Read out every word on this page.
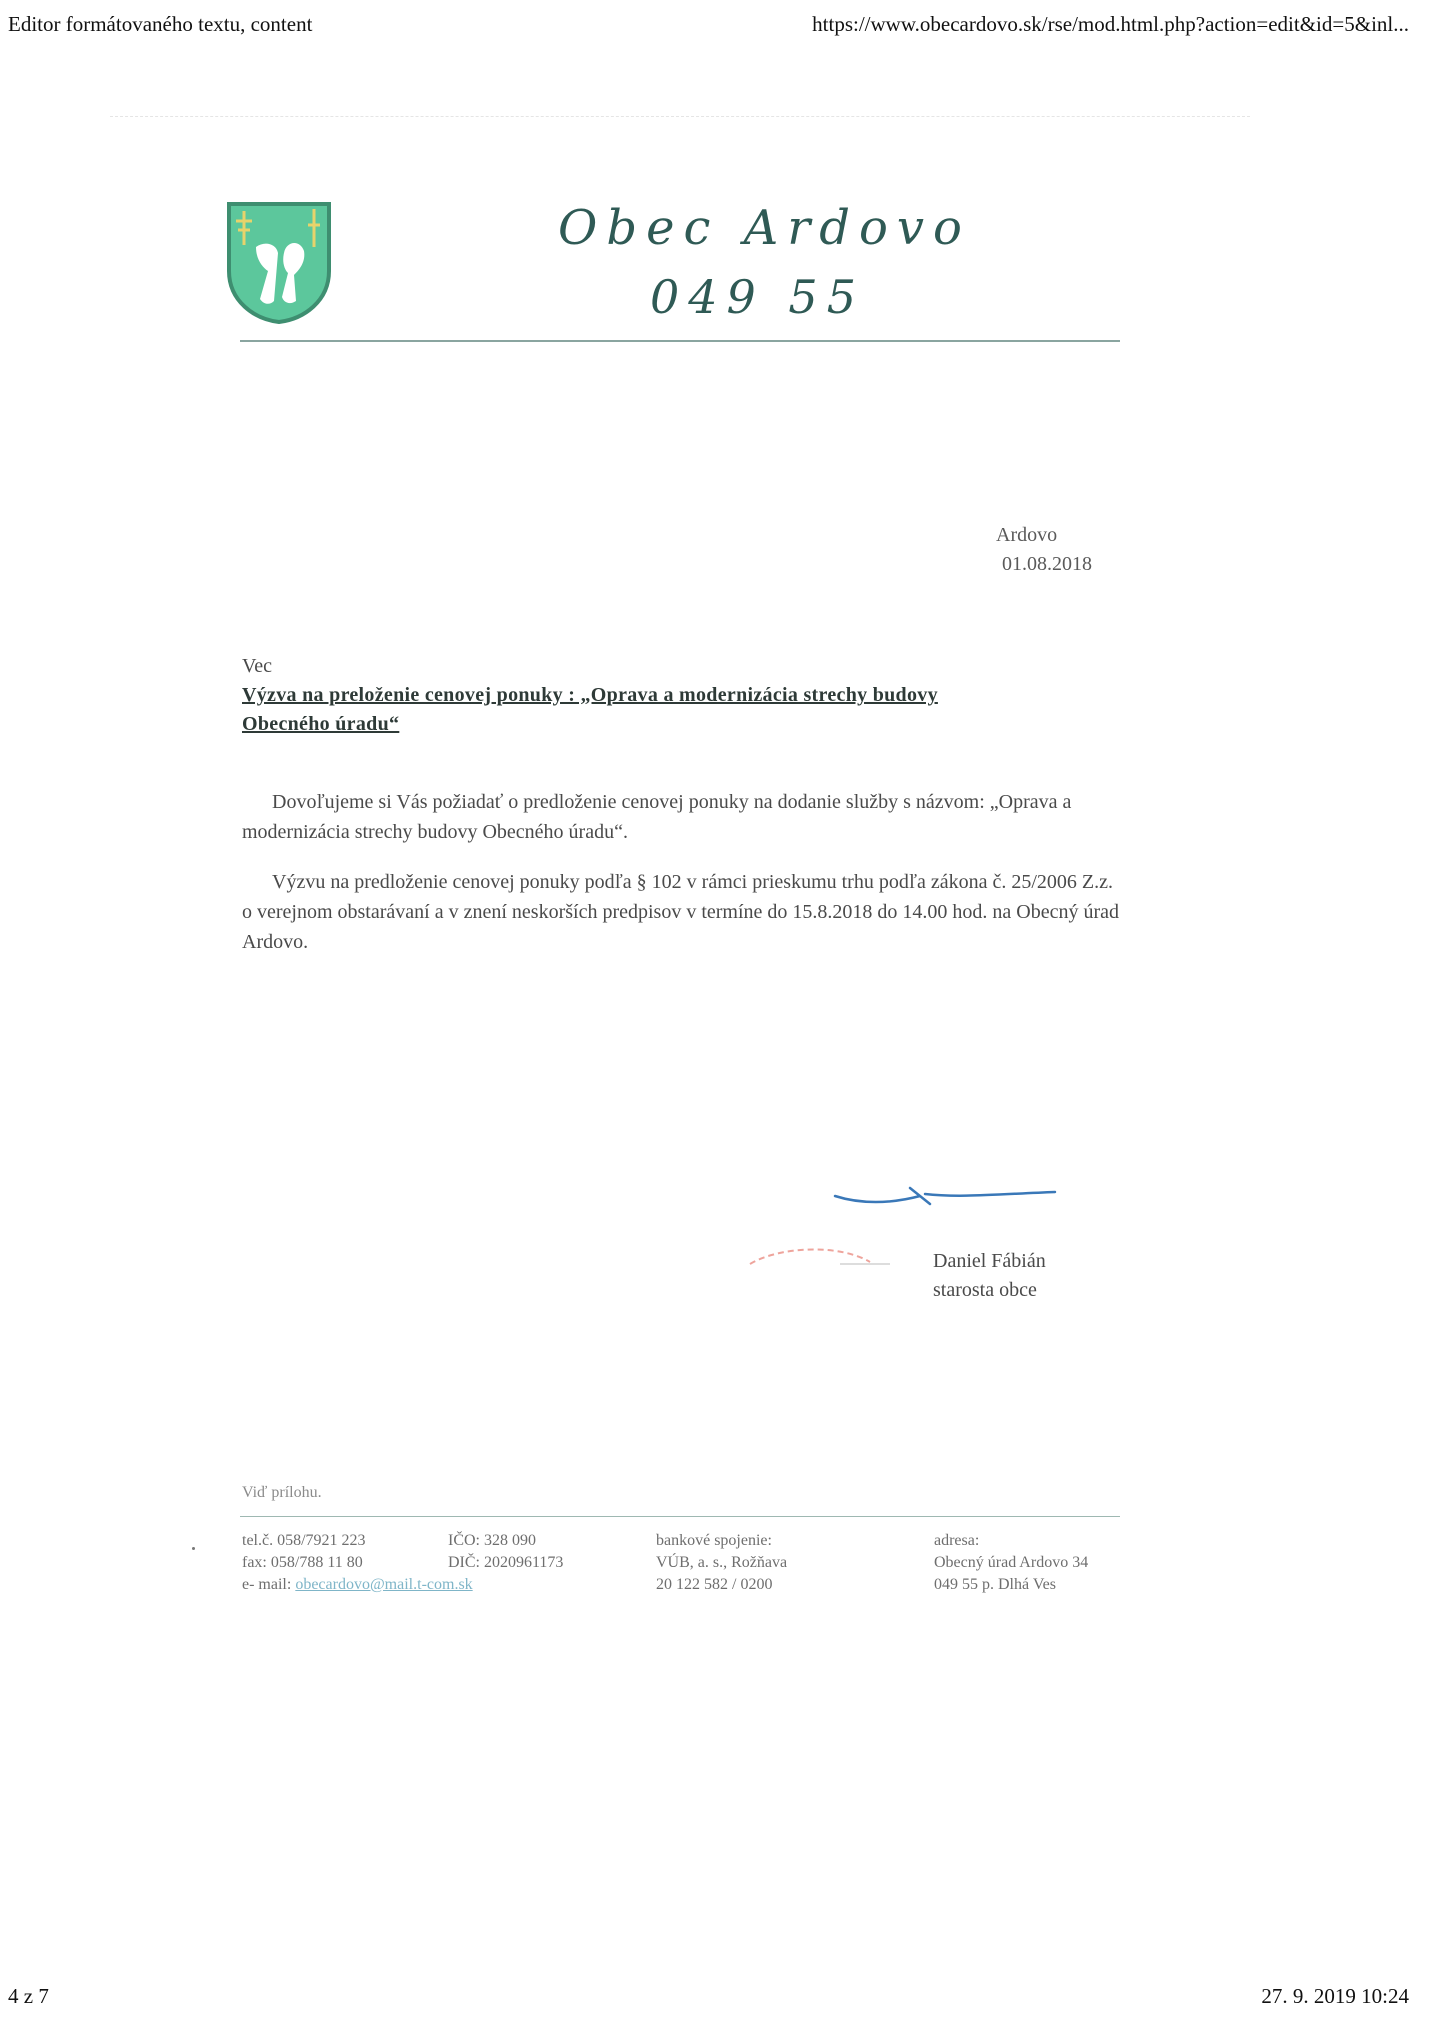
Editor formátovaného textu, content	https://www.obecardovo.sk/rse/mod.html.php?action=edit&id=5&inl...
Obec Ardovo
049 55
Ardovo
01.08.2018
Vec
Výzva na preloženie cenovej ponuky : „Oprava a modernizácia strechy budovy
Obecného úradu“
Dovoľujeme si Vás požiadať o predloženie cenovej ponuky na dodanie služby s názvom: „Oprava a modernizácia strechy budovy Obecného úradu“.
Výzvu na predloženie cenovej ponuky podľa § 102 v rámci prieskumu trhu podľa zákona č. 25/2006 Z.z. o verejnom obstarávaní a v znení neskorších predpisov v termíne do 15.8.2018 do 14.00 hod. na Obecný úrad Ardovo.
Daniel Fábián
starosta obce
Viď prílohu.
tel.č. 058/7921 223
fax: 058/788 11 80
e- mail: obecardovo@mail.t-com.sk
IČO: 328 090
DIČ: 2020961173
bankové spojenie:
VÚB, a. s., Rožňava
20 122 582 / 0200
adresa:
Obecný úrad Ardovo 34
049 55 p. Dlhá Ves
4 z 7	27. 9. 2019 10:24
